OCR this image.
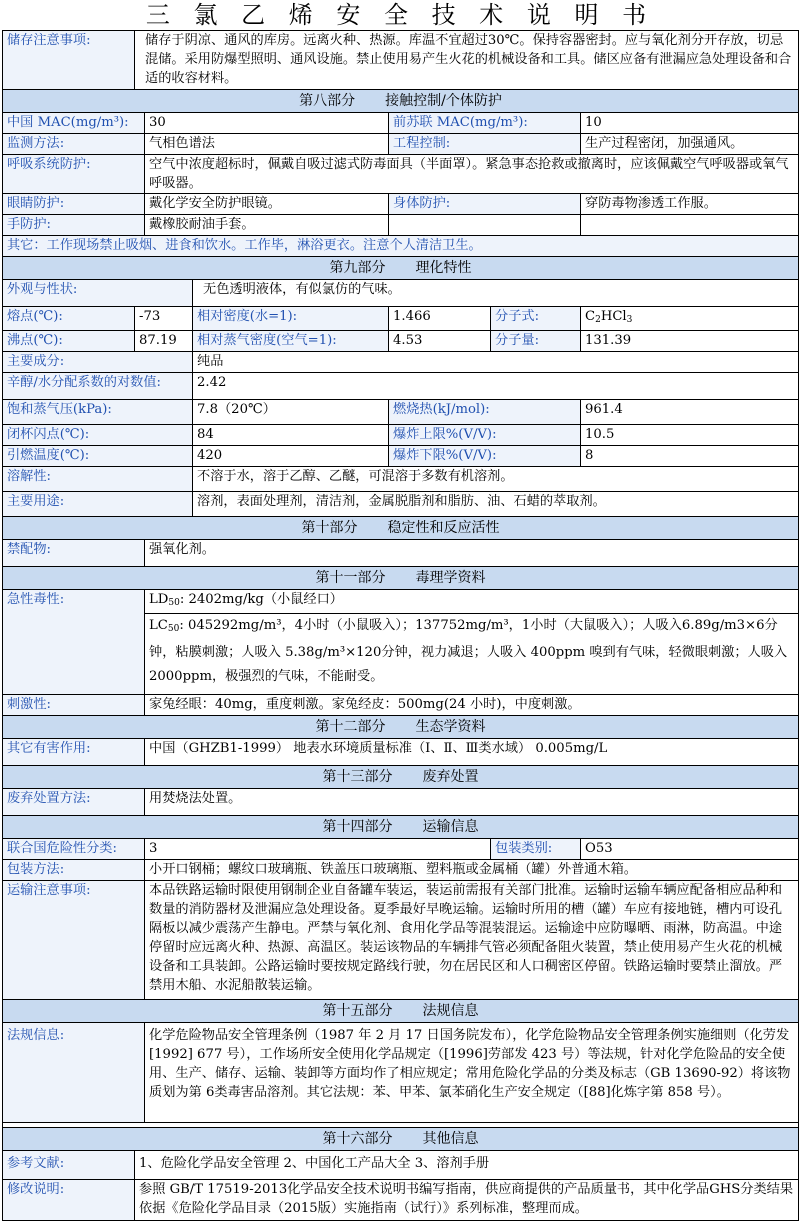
三 氯 乙 烯 安 全 技 术 说 明 书
储存注意事项:	储存于阴凉、通风的库房。远离火种、热源。库温不宜超过30℃。保持容器密封。应与氧化剂分开存放，切忌混储。采用防爆型照明、通风设施。禁止使用易产生火花的机械设备和工具。储区应备有泄漏应急处理设备和合适的收容材料。					
第八部分 接触控制/个体防护						
中国 MAC(mg/m³):		30		前苏联 MAC(mg/m³):		10
监测方法:		气相色谱法		工程控制:		生产过程密闭，加强通风。
呼吸系统防护:		空气中浓度超标时，佩戴自吸过滤式防毒面具（半面罩）。紧急事态抢救或撤离时，应该佩戴空气呼吸器或氧气呼吸器。				
眼睛防护:		戴化学安全防护眼镜。		身体防护:		穿防毒物渗透工作服。
手防护:		戴橡胶耐油手套。				
其它：工作现场禁止吸烟、进食和饮水。工作毕，淋浴更衣。注意个人清洁卫生。						
第九部分 理化特性						
外观与性状:			无色透明液体，有似氯仿的气味。			
熔点(℃):	-73		相对密度(水=1):	1.466	分子式:	$C_2HCl_3$
沸点(℃):	87.19		相对蒸气密度(空气=1):	4.53	分子量:	131.39
主要成分:			纯品			
辛醇/水分配系数的对数值:			2.42			
饱和蒸气压(kPa):			7.8（20℃）	燃烧热(kJ/mol):		961.4
闭杯闪点(℃):			84	爆炸上限%(V/V):		10.5
引燃温度(℃):			420	爆炸下限%(V/V):		8
溶解性:			不溶于水，溶于乙醇、乙醚，可混溶于多数有机溶剂。			
主要用途:			溶剂，表面处理剂，清洁剂，金属脱脂剂和脂肪、油、石蜡的萃取剂。			
第十部分 稳定性和反应活性						
禁配物:		强氧化剂。				
第十一部分 毒理学资料						
急性毒性:		$LD_{50}$: 2402mg/kg（小鼠经口）				
		$LC_{50}$: 045292mg/m³，4小时（小鼠吸入）；137752mg/m³，1小时（大鼠吸入）；人吸入6.89g/m3×6分钟，粘膜刺激；人吸入 5.38g/m³×120分钟，视力减退；人吸入 400ppm 嗅到有气味，轻微眼刺激；人吸入2000ppm，极强烈的气味，不能耐受。				
刺激性:		家兔经眼：40mg，重度刺激。家兔经皮：500mg(24 小时)，中度刺激。				
第十二部分 生态学资料						
其它有害作用:		中国（GHZB1-1999） 地表水环境质量标准（Ⅰ、Ⅱ、Ⅲ类水域） 0.005mg/L				
第十三部分 废弃处置						
废弃处置方法:		用焚烧法处置。				
第十四部分 运输信息						
联合国危险性分类:		3			包装类别:	O53
包装方法:		小开口钢桶；螺纹口玻璃瓶、铁盖压口玻璃瓶、塑料瓶或金属桶（罐）外普通木箱。				
运输注意事项:		本品铁路运输时限使用钢制企业自备罐车装运，装运前需报有关部门批准。运输时运输车辆应配备相应品种和数量的消防器材及泄漏应急处理设备。夏季最好早晚运输。运输时所用的槽（罐）车应有接地链，槽内可设孔隔板以减少震荡产生静电。严禁与氧化剂、食用化学品等混装混运。运输途中应防曝晒、雨淋，防高温。中途停留时应远离火种、热源、高温区。装运该物品的车辆排气管必须配备阻火装置，禁止使用易产生火花的机械设备和工具装卸。公路运输时要按规定路线行驶，勿在居民区和人口稠密区停留。铁路运输时要禁止溜放。严禁用木船、水泥船散装运输。				
第十五部分 法规信息						
法规信息:		化学危险物品安全管理条例（1987 年 2 月 17 日国务院发布），化学危险物品安全管理条例实施细则（化劳发[1992] 677 号），工作场所安全使用化学品规定（[1996]劳部发 423 号）等法规，针对化学危险品的安全使用、生产、储存、运输、装卸等方面均作了相应规定；常用危险化学品的分类及标志（GB 13690-92）将该物质划为第 6类毒害品溶剂。其它法规：苯、甲苯、氯苯硝化生产安全规定（[88]化炼字第 858 号）。				

第十六部分 其他信息						
参考文献:	1、危险化学品安全管理 2、中国化工产品大全 3、溶剂手册					
修改说明:	参照 GB/T 17519-2013化学品安全技术说明书编写指南，供应商提供的产品质量书，其中化学品GHS分类结果依据《危险化学品目录（2015版）实施指南（试行）》系列标准，整理而成。					
